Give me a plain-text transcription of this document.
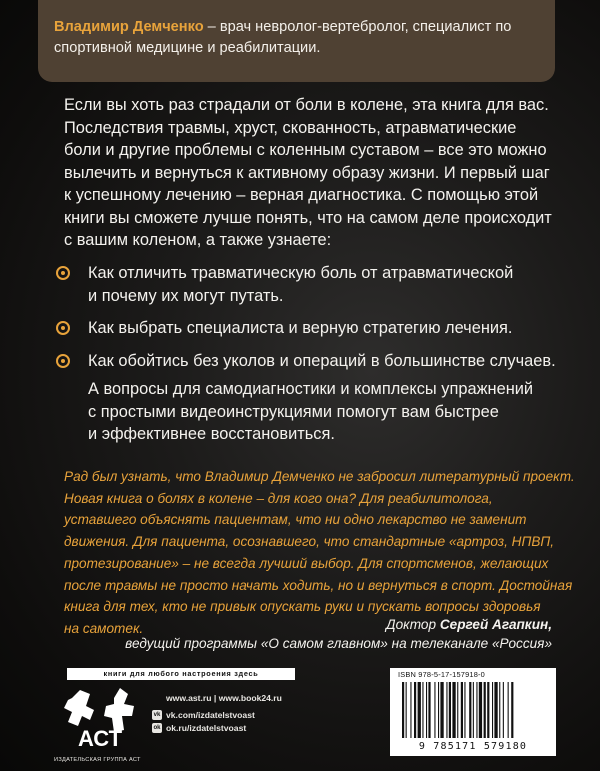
Владимир Демченко – врач невролог-вертебролог, специалист по
спортивной медицине и реабилитации.
Если вы хоть раз страдали от боли в колене, эта книга для вас.
Последствия травмы, хруст, скованность, атравматические
боли и другие проблемы с коленным суставом – все это можно
вылечить и вернуться к активному образу жизни. И первый шаг
к успешному лечению – верная диагностика. С помощью этой
книги вы сможете лучше понять, что на самом деле происходит
с вашим коленом, а также узнаете:
Как отличить травматическую боль от атравматической
и почему их могут путать.
Как выбрать специалиста и верную стратегию лечения.
Как обойтись без уколов и операций в большинстве случаев.
А вопросы для самодиагностики и комплексы упражнений
с простыми видеоинструкциями помогут вам быстрее
и эффективнее восстановиться.
Рад был узнать, что Владимир Демченко не забросил литературный проект.
Новая книга о болях в колене – для кого она? Для реабилитолога,
уставшего объяснять пациентам, что ни одно лекарство не заменит
движения. Для пациента, осознавшего, что стандартные «артроз, НПВП,
протезирование» – не всегда лучший выбор. Для спортсменов, желающих
после травмы не просто начать ходить, но и вернуться в спорт. Достойная
книга для тех, кто не привык опускать руки и пускать вопросы здоровья
на самотек.	Доктор Сергей Агапкин,
ведущий программы «О самом главном» на телеканале «Россия»
книги для любого настроения здесь
АСТ
ИЗДАТЕЛЬСКАЯ ГРУППА АСТ
www.ast.ru | www.book24.ru
vk vk.com/izdatelstvoast
ok ok.ru/izdatelstvoast
ISBN 978-5-17-157918-0
9 785171 579180
